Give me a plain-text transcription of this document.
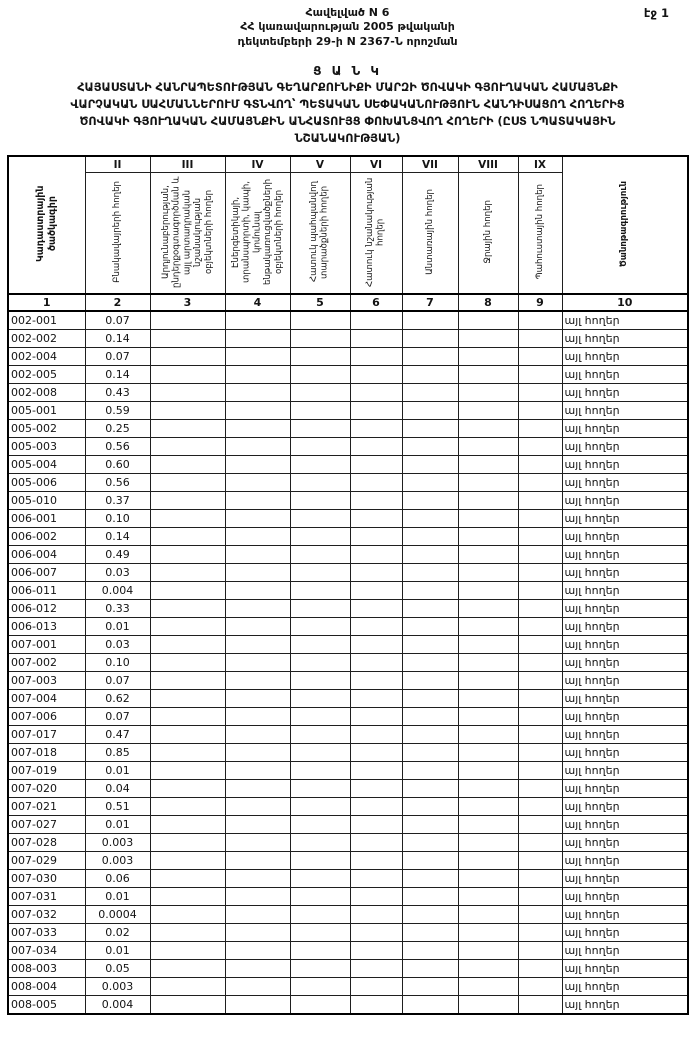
Հավելված N 6
ՀՀ կառավարության 2005 թվականի
դեկտեմբերի 29-ի N 2367-Ն որոշման
էջ 1
Ց Ա Ն Կ
ՀԱՅԱՍՏԱՆԻ ՀԱՆՐԱՊԵՏՈՒԹՅԱՆ ԳԵՂԱՐՔՈՒՆԻՔԻ ՄԱՐԶԻ ԾՈՎԱԿԻ ԳՅՈՒՂԱԿԱՆ ՀԱՄԱՅՆՔԻ
ՎԱՐՉԱԿԱՆ ՍԱՀՄԱՆՆԵՐՈՒՄ ԳՏՆՎՈՂ՝ ՊԵՏԱԿԱՆ ՍԵՓԱԿԱՆՈՒԹՅՈՒՆ ՀԱՆԴԻՍԱՑՈՂ ՀՈՂԵՐԻՑ
ԾՈՎԱԿԻ ԳՅՈՒՂԱԿԱՆ ՀԱՄԱՅՆՔԻՆ ԱՆՀԱՏՈՒՅՑ ՓՈԽԱՆՑՎՈՂ ՀՈՂԵՐԻ (ԸՍՏ ՆՊԱՏԱԿԱՅԻՆ
ՆՇԱՆԱԿՈՒԹՅԱՆ)
Կադաստրային ծածկագիր	II	III	IV	V	VI	VII	VIII	IX	Ծանոթագրություն
	Բնակավայրերի հողեր	Արդյունաբերության, ընդերքօգտագործման և այլ արտադրական նշանակության օբյեկտների հողեր	Էներգետիկայի, տրանսպորտի, կապի, կոմունալ ենթակառուցվածքների օբյեկտների հողեր	Հատուկ պահպանվող տարածքների հողեր	Հատուկ նշանակության հողեր	Անտառային հողեր	Ջրային հողեր	Պահուստային հողեր	
1	2	3	4	5	6	7	8	9	10
002-001	0.07								այլ հողեր
002-002	0.14								այլ հողեր
002-004	0.07								այլ հողեր
002-005	0.14								այլ հողեր
002-008	0.43								այլ հողեր
005-001	0.59								այլ հողեր
005-002	0.25								այլ հողեր
005-003	0.56								այլ հողեր
005-004	0.60								այլ հողեր
005-006	0.56								այլ հողեր
005-010	0.37								այլ հողեր
006-001	0.10								այլ հողեր
006-002	0.14								այլ հողեր
006-004	0.49								այլ հողեր
006-007	0.03								այլ հողեր
006-011	0.004								այլ հողեր
006-012	0.33								այլ հողեր
006-013	0.01								այլ հողեր
007-001	0.03								այլ հողեր
007-002	0.10								այլ հողեր
007-003	0.07								այլ հողեր
007-004	0.62								այլ հողեր
007-006	0.07								այլ հողեր
007-017	0.47								այլ հողեր
007-018	0.85								այլ հողեր
007-019	0.01								այլ հողեր
007-020	0.04								այլ հողեր
007-021	0.51								այլ հողեր
007-027	0.01								այլ հողեր
007-028	0.003								այլ հողեր
007-029	0.003								այլ հողեր
007-030	0.06								այլ հողեր
007-031	0.01								այլ հողեր
007-032	0.0004								այլ հողեր
007-033	0.02								այլ հողեր
007-034	0.01								այլ հողեր
008-003	0.05								այլ հողեր
008-004	0.003								այլ հողեր
008-005	0.004								այլ հողեր
